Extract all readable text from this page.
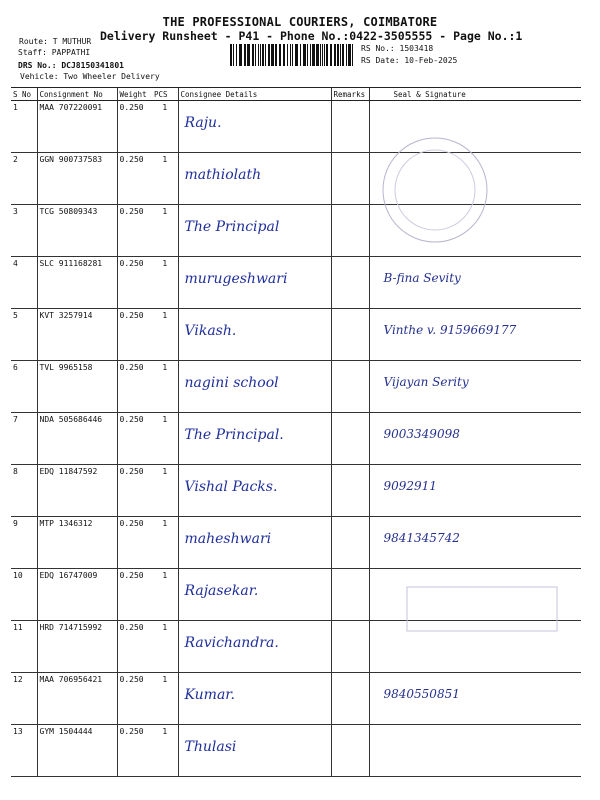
THE PROFESSIONAL COURIERS, COIMBATORE
Delivery Runsheet - P41 - Phone No.:0422-3505555 - Page No.:1
Route: T MUTHUR
Staff: PAPPATHI
DRS No.: DCJ8150341801
Vehicle: Two Wheeler Delivery
RS No.: 1503418
RS Date: 10-Feb-2025
S No	Consignment No	Weight	PCS	Consignee Details	Remarks	Seal & Signature
1	MAA 707220091	0.250	1	Raju.		
2	GGN 900737583	0.250	1	mathiolath		
3	TCG 50809343	0.250	1	The Principal		
4	SLC 911168281	0.250	1	murugeshwari		B-fina Sevity
5	KVT 3257914	0.250	1	Vikash.		Vinthe v. 9159669177
6	TVL 9965158	0.250	1	nagini school		Vijayan Serity
7	NDA 505686446	0.250	1	The Principal.		9003349098
8	EDQ 11847592	0.250	1	Vishal Packs.		9092911
9	MTP 1346312	0.250	1	maheshwari		9841345742
10	EDQ 16747009	0.250	1	Rajasekar.		
11	HRD 714715992	0.250	1	Ravichandra.		
12	MAA 706956421	0.250	1	Kumar.		9840550851
13	GYM 1504444	0.250	1	Thulasi		
